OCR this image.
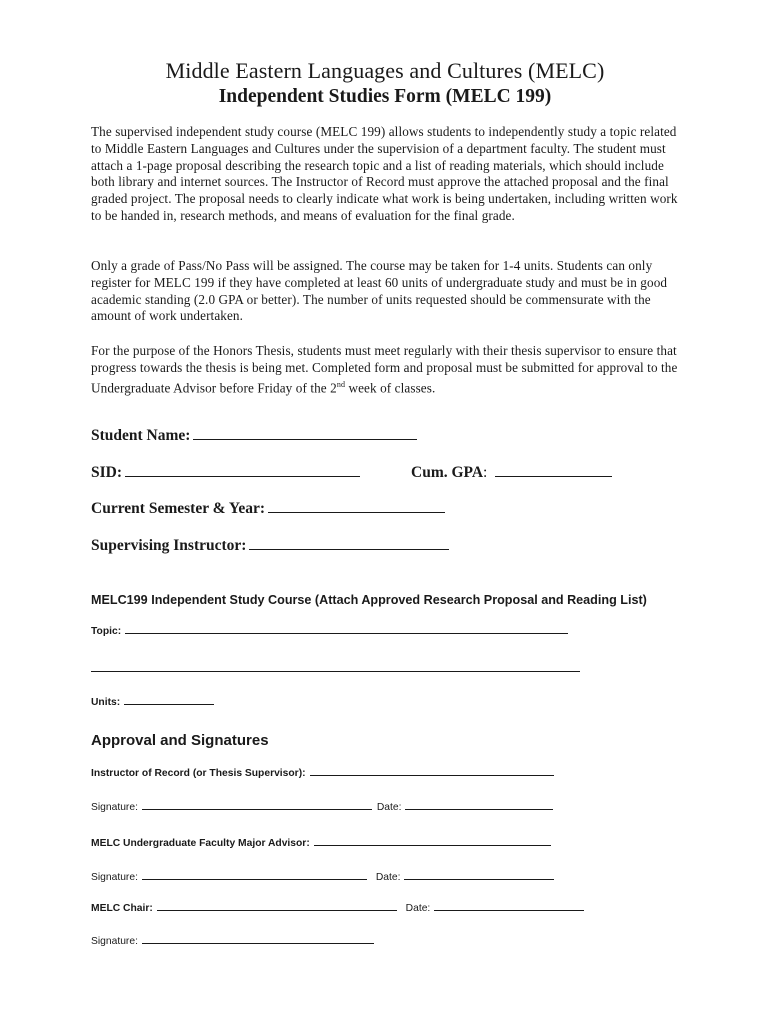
Middle Eastern Languages and Cultures (MELC)
Independent Studies Form (MELC 199)

The supervised independent study course (MELC 199) allows students to independently study a topic related to Middle Eastern Languages and Cultures under the supervision of a department faculty. The student must attach a 1-page proposal describing the research topic and a list of reading materials, which should include both library and internet sources. The Instructor of Record must approve the attached proposal and the final graded project. The proposal needs to clearly indicate what work is being undertaken, including written work to be handed in, research methods, and means of evaluation for the final grade.

Only a grade of Pass/No Pass will be assigned. The course may be taken for 1-4 units. Students can only register for MELC 199 if they have completed at least 60 units of undergraduate study and must be in good academic standing (2.0 GPA or better). The number of units requested should be commensurate with the amount of work undertaken.

For the purpose of the Honors Thesis, students must meet regularly with their thesis supervisor to ensure that progress towards the thesis is being met. Completed form and proposal must be submitted for approval to the Undergraduate Advisor before Friday of the 2nd week of classes.

Student Name:
SID:	Cum. GPA:
Current Semester & Year:
Supervising Instructor:
MELC199 Independent Study Course (Attach Approved Research Proposal and Reading List)
Topic:
Units:
Approval and Signatures
Instructor of Record (or Thesis Supervisor):
Signature:	Date:
MELC Undergraduate Faculty Major Advisor:
Signature:	Date:
MELC Chair:	Date:
Signature:
